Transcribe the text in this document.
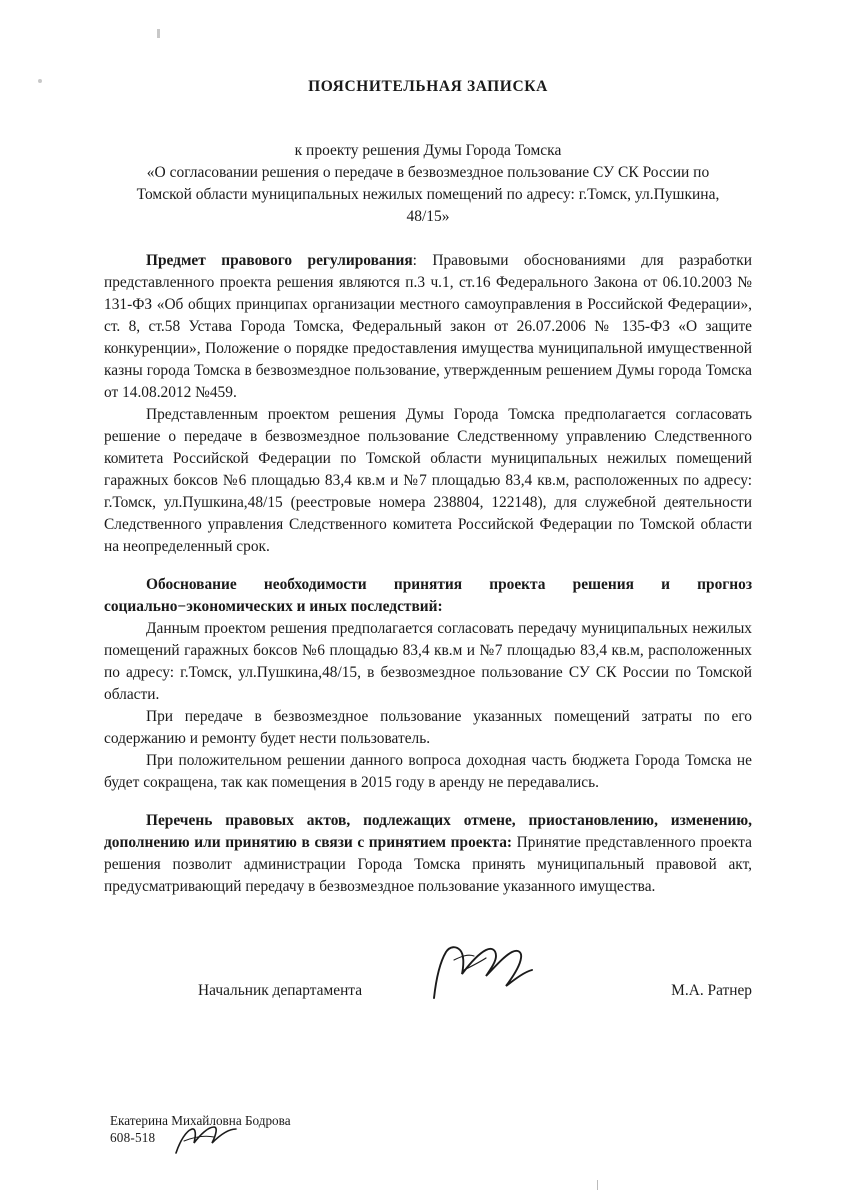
ПОЯСНИТЕЛЬНАЯ ЗАПИСКА
к проекту решения Думы Города Томска
«О согласовании решения о передаче в безвозмездное пользование СУ СК России по
Томской области муниципальных нежилых помещений по адресу: г.Томск, ул.Пушкина,
48/15»

Предмет правового регулирования: Правовыми обоснованиями для разработки представленного проекта решения являются п.3 ч.1, ст.16 Федерального Закона от 06.10.2003 № 131-ФЗ «Об общих принципах организации местного самоуправления в Российской Федерации», ст. 8, ст.58 Устава Города Томска, Федеральный закон от 26.07.2006 № 135-ФЗ «О защите конкуренции», Положение о порядке предоставления имущества муниципальной имущественной казны города Томска в безвозмездное пользование, утвержденным решением Думы города Томска от 14.08.2012 №459.

Представленным проектом решения Думы Города Томска предполагается согласовать решение о передаче в безвозмездное пользование Следственному управлению Следственного комитета Российской Федерации по Томской области муниципальных нежилых помещений гаражных боксов №6 площадью 83,4 кв.м и №7 площадью 83,4 кв.м, расположенных по адресу: г.Томск, ул.Пушкина,48/15 (реестровые номера 238804, 122148), для служебной деятельности Следственного управления Следственного комитета Российской Федерации по Томской области на неопределенный срок.

Обоснование необходимости принятия проекта решения и прогноз социально−экономических и иных последствий:

Данным проектом решения предполагается согласовать передачу муниципальных нежилых помещений гаражных боксов №6 площадью 83,4 кв.м и №7 площадью 83,4 кв.м, расположенных по адресу: г.Томск, ул.Пушкина,48/15, в безвозмездное пользование СУ СК России по Томской области.

При передаче в безвозмездное пользование указанных помещений затраты по его содержанию и ремонту будет нести пользователь.

При положительном решении данного вопроса доходная часть бюджета Города Томска не будет сокращена, так как помещения в 2015 году в аренду не передавались.

Перечень правовых актов, подлежащих отмене, приостановлению, изменению, дополнению или принятию в связи с принятием проекта: Принятие представленного проекта решения позволит администрации Города Томска принять муниципальный правовой акт, предусматривающий передачу в безвозмездное пользование указанного имущества.

Начальник департамента	М.А. Ратнер
Екатерина Михайловна Бодрова
608-518
